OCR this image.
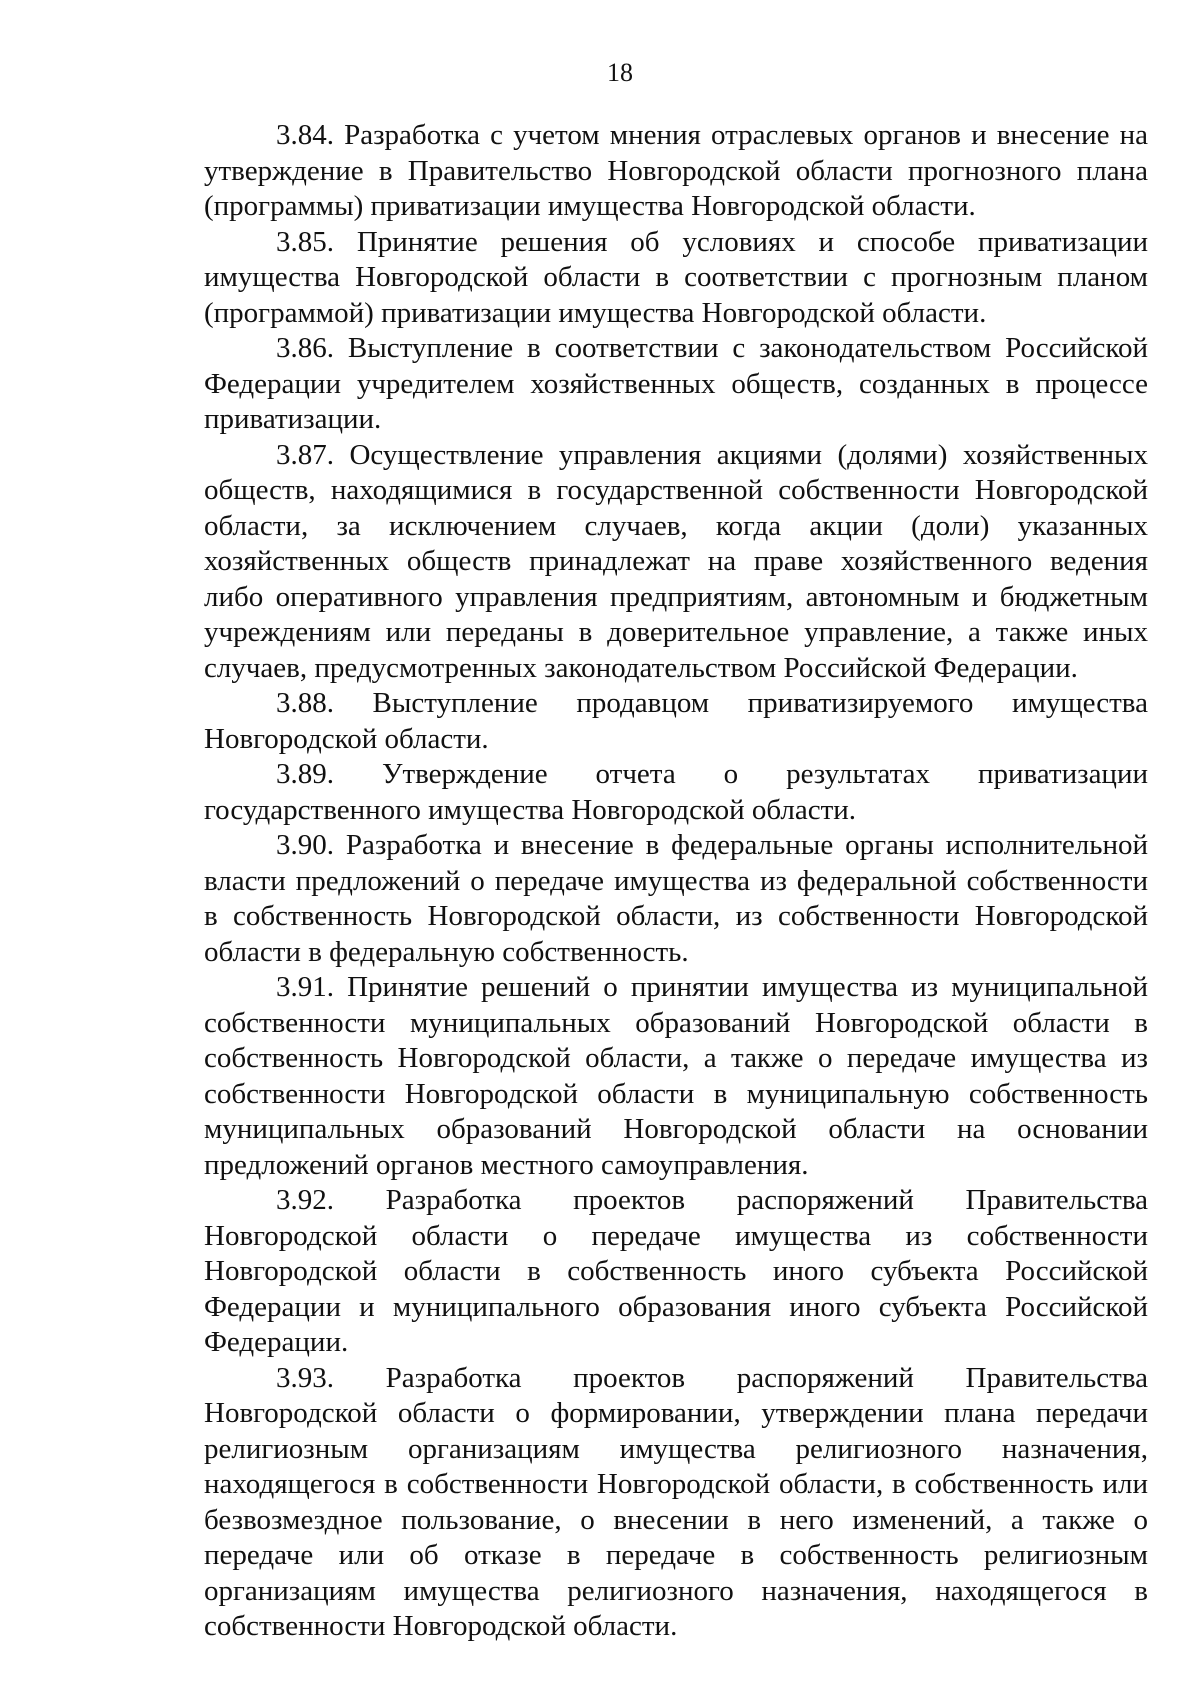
18

3.84. Разработка с учетом мнения отраслевых органов и внесение на утверждение в Правительство Новгородской области прогнозного плана (программы) приватизации имущества Новгородской области.

3.85. Принятие решения об условиях и способе приватизации имущества Новгородской области в соответствии с прогнозным планом (программой) приватизации имущества Новгородской области.

3.86. Выступление в соответствии с законодательством Российской Федерации учредителем хозяйственных обществ, созданных в процессе приватизации.

3.87. Осуществление управления акциями (долями) хозяйственных обществ, находящимися в государственной собственности Новгородской области, за исключением случаев, когда акции (доли) указанных хозяйственных обществ принадлежат на праве хозяйственного ведения либо оперативного управления предприятиям, автономным и бюджетным учреждениям или переданы в доверительное управление, а также иных случаев, предусмотренных законодательством Российской Федерации.

3.88. Выступление продавцом приватизируемого имущества Новгородской области.

3.89. Утверждение отчета о результатах приватизации государственного имущества Новгородской области.

3.90. Разработка и внесение в федеральные органы исполнительной власти предложений о передаче имущества из федеральной собственности в собственность Новгородской области, из собственности Новгородской области в федеральную собственность.

3.91. Принятие решений о принятии имущества из муниципальной собственности муниципальных образований Новгородской области в собственность Новгородской области, а также о передаче имущества из собственности Новгородской области в муниципальную собственность муниципальных образований Новгородской области на основании предложений органов местного самоуправления.

3.92. Разработка проектов распоряжений Правительства Новгородской области о передаче имущества из собственности Новгородской области в собственность иного субъекта Российской Федерации и муниципального образования иного субъекта Российской Федерации.

3.93. Разработка проектов распоряжений Правительства Новгородской области о формировании, утверждении плана передачи религиозным организациям имущества религиозного назначения, находящегося в собственности Новгородской области, в собственность или безвозмездное пользование, о внесении в него изменений, а также о передаче или об отказе в передаче в собственность религиозным организациям имущества религиозного назначения, находящегося в собственности Новгородской области.
